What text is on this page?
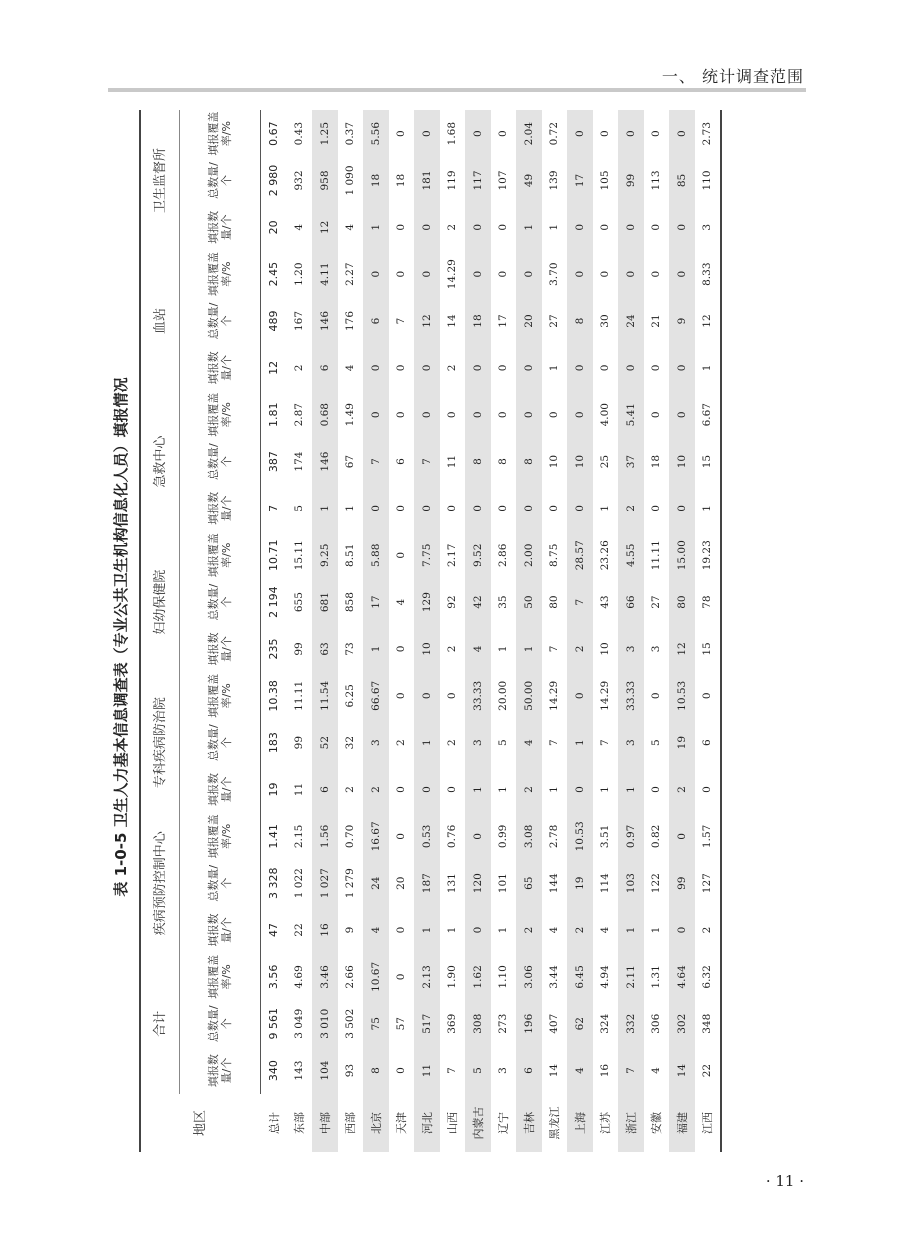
一、 统计调查范围
表 1-0-5 卫生人力基本信息调查表（专业公共卫生机构信息化人员）填报情况
地区	合计			疾病预防控制中心			专科疾病防治院			妇幼保健院			急救中心			血站			卫生监督所		
	填报数量/个	总数量/个	填报覆盖率/%	填报数量/个	总数量/个	填报覆盖率/%	填报数量/个	总数量/个	填报覆盖率/%	填报数量/个	总数量/个	填报覆盖率/%	填报数量/个	总数量/个	填报覆盖率/%	填报数量/个	总数量/个	填报覆盖率/%	填报数量/个	总数量/个	填报覆盖率/%
总计	340	9 561	3.56	47	3 328	1.41	19	183	10.38	235	2 194	10.71	7	387	1.81	12	489	2.45	20	2 980	0.67
东部	143	3 049	4.69	22	1 022	2.15	11	99	11.11	99	655	15.11	5	174	2.87	2	167	1.20	4	932	0.43
中部	104	3 010	3.46	16	1 027	1.56	6	52	11.54	63	681	9.25	1	146	0.68	6	146	4.11	12	958	1.25
西部	93	3 502	2.66	9	1 279	0.70	2	32	6.25	73	858	8.51	1	67	1.49	4	176	2.27	4	1 090	0.37
北京	8	75	10.67	4	24	16.67	2	3	66.67	1	17	5.88	0	7	0	0	6	0	1	18	5.56
天津	0	57	0	0	20	0	0	2	0	0	4	0	0	6	0	0	7	0	0	18	0
河北	11	517	2.13	1	187	0.53	0	1	0	10	129	7.75	0	7	0	0	12	0	0	181	0
山西	7	369	1.90	1	131	0.76	0	2	0	2	92	2.17	0	11	0	2	14	14.29	2	119	1.68
内蒙古	5	308	1.62	0	120	0	1	3	33.33	4	42	9.52	0	8	0	0	18	0	0	117	0
辽宁	3	273	1.10	1	101	0.99	1	5	20.00	1	35	2.86	0	8	0	0	17	0	0	107	0
吉林	6	196	3.06	2	65	3.08	2	4	50.00	1	50	2.00	0	8	0	0	20	0	1	49	2.04
黑龙江	14	407	3.44	4	144	2.78	1	7	14.29	7	80	8.75	0	10	0	1	27	3.70	1	139	0.72
上海	4	62	6.45	2	19	10.53	0	1	0	2	7	28.57	0	10	0	0	8	0	0	17	0
江苏	16	324	4.94	4	114	3.51	1	7	14.29	10	43	23.26	1	25	4.00	0	30	0	0	105	0
浙江	7	332	2.11	1	103	0.97	1	3	33.33	3	66	4.55	2	37	5.41	0	24	0	0	99	0
安徽	4	306	1.31	1	122	0.82	0	5	0	3	27	11.11	0	18	0	0	21	0	0	113	0
福建	14	302	4.64	0	99	0	2	19	10.53	12	80	15.00	0	10	0	0	9	0	0	85	0
江西	22	348	6.32	2	127	1.57	0	6	0	15	78	19.23	1	15	6.67	1	12	8.33	3	110	2.73
· 11 ·
